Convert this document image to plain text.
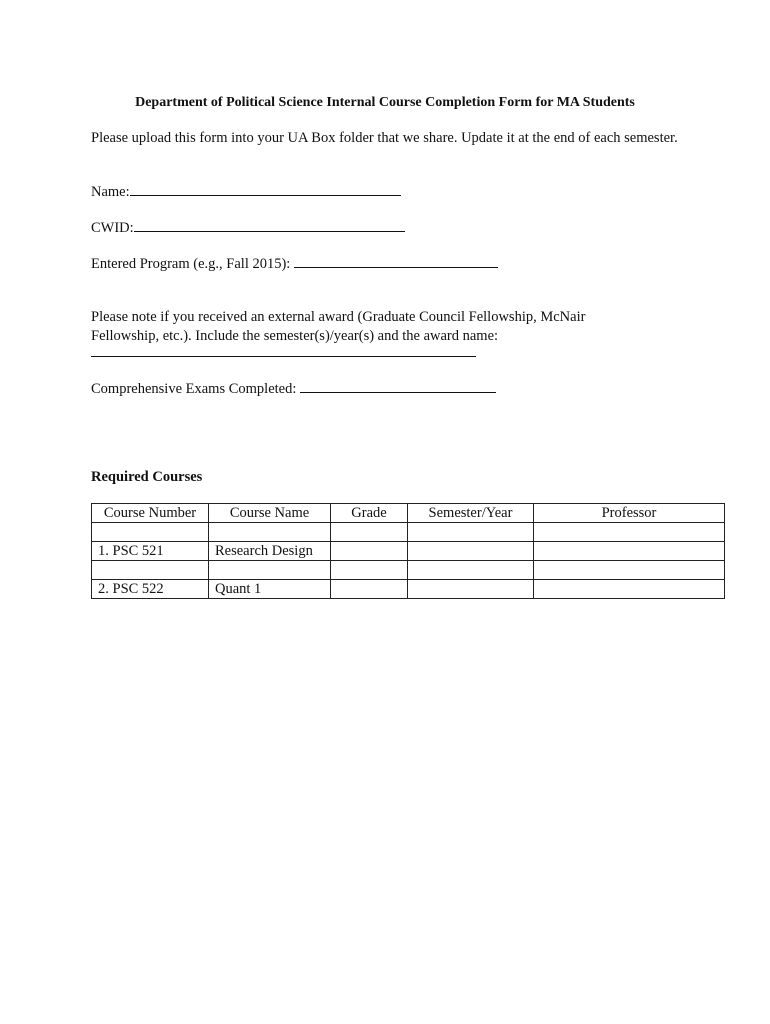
Department of Political Science Internal Course Completion Form for MA Students
Please upload this form into your UA Box folder that we share. Update it at the end of each semester.
Name:
CWID:
Entered Program (e.g., Fall 2015):
Please note if you received an external award (Graduate Council Fellowship, McNair Fellowship, etc.). Include the semester(s)/year(s) and the award name:
Comprehensive Exams Completed:
Required Courses
Course Number	Course Name	Grade	Semester/Year	Professor

1. PSC 521	Research Design			

2. PSC 522	Quant 1			
